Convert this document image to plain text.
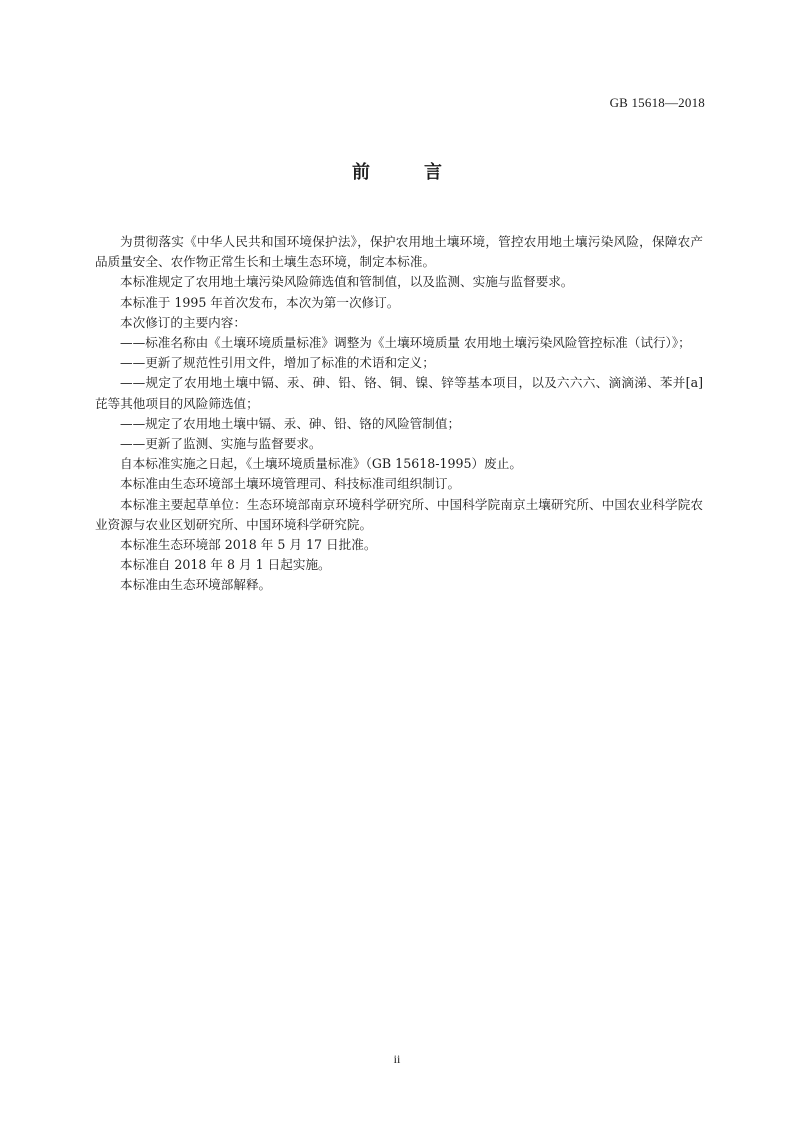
GB 15618—2018
前　言

为贯彻落实《中华人民共和国环境保护法》，保护农用地土壤环境，管控农用地土壤污染风险，保障农产品质量安全、农作物正常生长和土壤生态环境，制定本标准。

本标准规定了农用地土壤污染风险筛选值和管制值，以及监测、实施与监督要求。

本标准于 1995 年首次发布，本次为第一次修订。

本次修订的主要内容：

——标准名称由《土壤环境质量标准》调整为《土壤环境质量 农用地土壤污染风险管控标准（试行）》；

——更新了规范性引用文件，增加了标准的术语和定义；

——规定了农用地土壤中镉、汞、砷、铅、铬、铜、镍、锌等基本项目，以及六六六、滴滴涕、苯并[a]芘等其他项目的风险筛选值；

——规定了农用地土壤中镉、汞、砷、铅、铬的风险管制值；

——更新了监测、实施与监督要求。

自本标准实施之日起，《土壤环境质量标准》（GB 15618-1995）废止。

本标准由生态环境部土壤环境管理司、科技标准司组织制订。

本标准主要起草单位：生态环境部南京环境科学研究所、中国科学院南京土壤研究所、中国农业科学院农业资源与农业区划研究所、中国环境科学研究院。

本标准生态环境部 2018 年 5 月 17 日批准。

本标准自 2018 年 8 月 1 日起实施。

本标准由生态环境部解释。

ii
